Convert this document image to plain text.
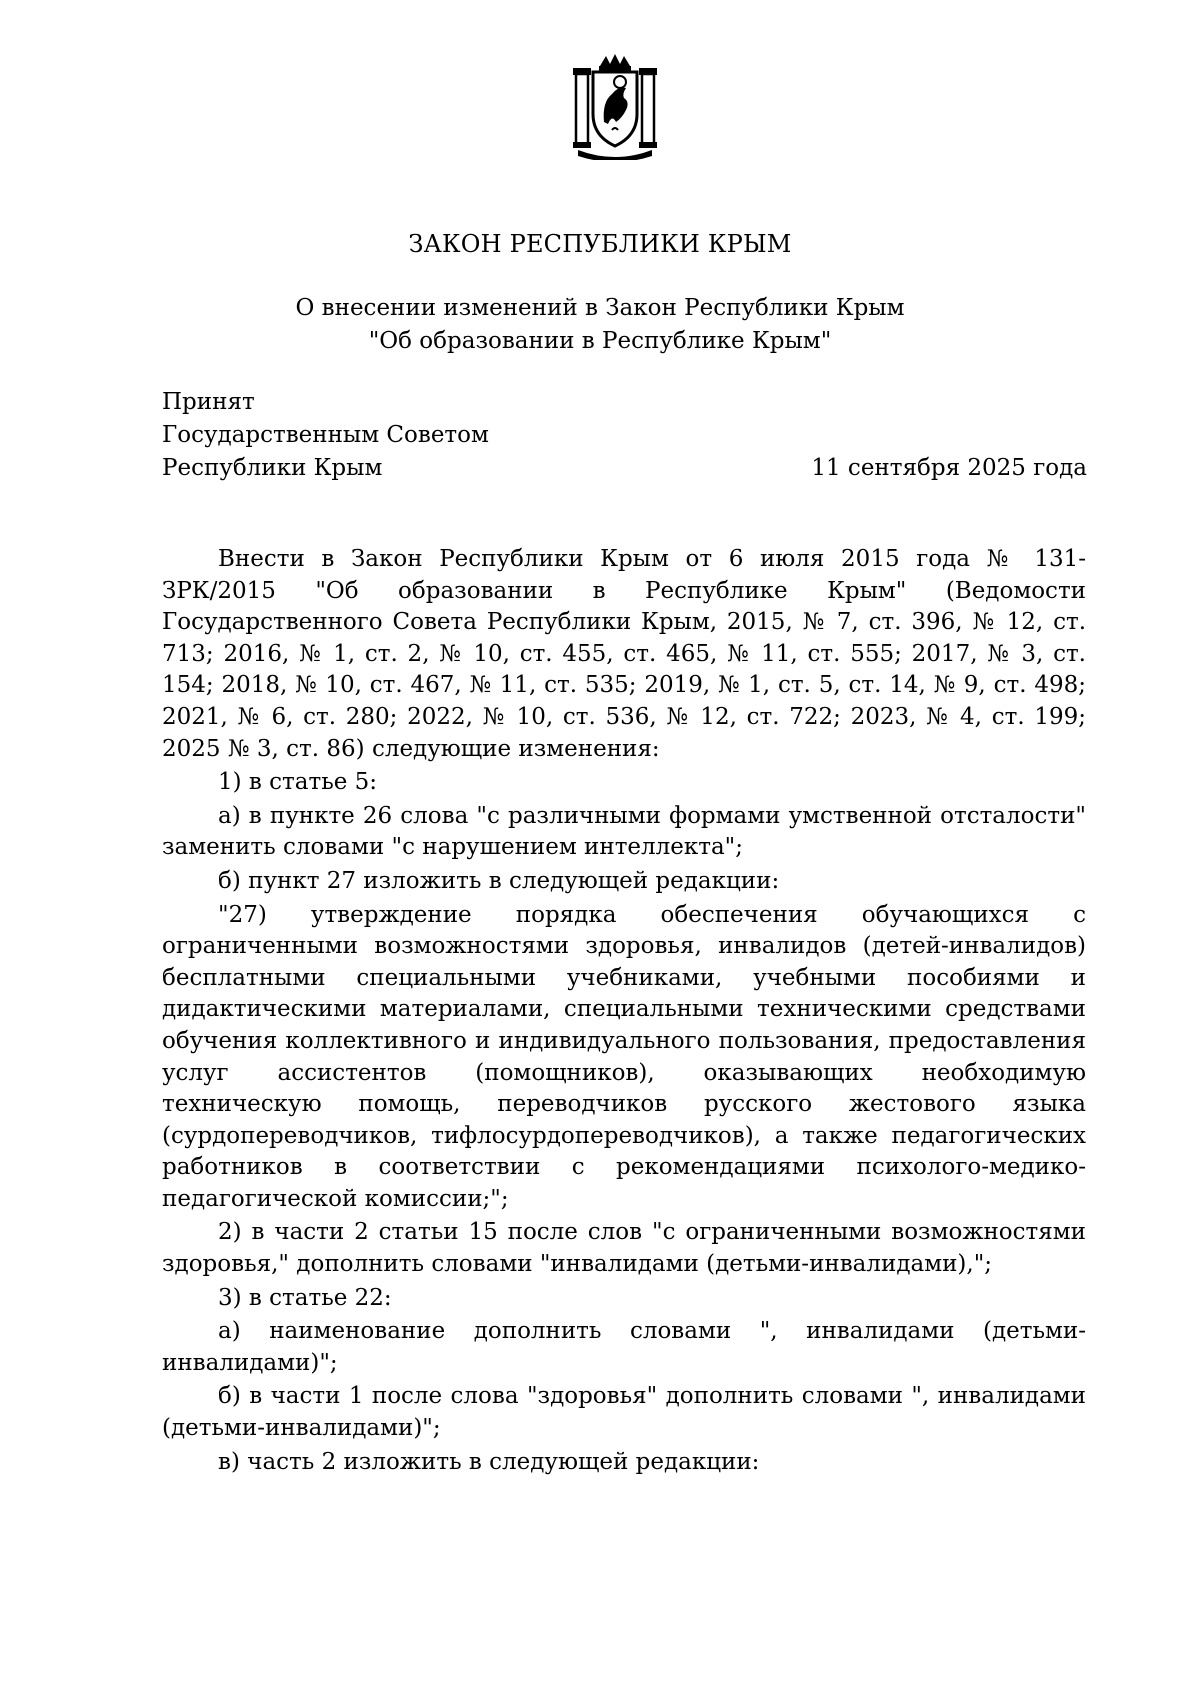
ЗАКОН РЕСПУБЛИКИ КРЫМ
О внесении изменений в Закон Республики Крым
"Об образовании в Республике Крым"
Принят
Государственным Советом
Республики Крым	11 сентября 2025 года

Внести в Закон Республики Крым от 6 июля 2015 года № 131-ЗРК/2015 "Об образовании в Республике Крым" (Ведомости Государственного Совета Республики Крым, 2015, № 7, ст. 396, № 12, ст. 713; 2016, № 1, ст. 2, № 10, ст. 455, ст. 465, № 11, ст. 555; 2017, № 3, ст. 154; 2018, № 10, ст. 467, № 11, ст. 535; 2019, № 1, ст. 5, ст. 14, № 9, ст. 498; 2021, № 6, ст. 280; 2022, № 10, ст. 536, № 12, ст. 722; 2023, № 4, ст. 199; 2025 № 3, ст. 86) следующие изменения:

1) в статье 5:

а) в пункте 26 слова "с различными формами умственной отсталости" заменить словами "с нарушением интеллекта";

б) пункт 27 изложить в следующей редакции:

"27) утверждение порядка обеспечения обучающихся с ограниченными возможностями здоровья, инвалидов (детей-инвалидов) бесплатными специальными учебниками, учебными пособиями и дидактическими материалами, специальными техническими средствами обучения коллективного и индивидуального пользования, предоставления услуг ассистентов (помощников), оказывающих необходимую техническую помощь, переводчиков русского жестового языка (сурдопереводчиков, тифлосурдопереводчиков), а также педагогических работников в соответствии с рекомендациями психолого-медико-педагогической комиссии;";

2) в части 2 статьи 15 после слов "с ограниченными возможностями здоровья," дополнить словами "инвалидами (детьми-инвалидами),";

3) в статье 22:

а) наименование дополнить словами ", инвалидами (детьми-инвалидами)";

б) в части 1 после слова "здоровья" дополнить словами ", инвалидами (детьми-инвалидами)";

в) часть 2 изложить в следующей редакции:
